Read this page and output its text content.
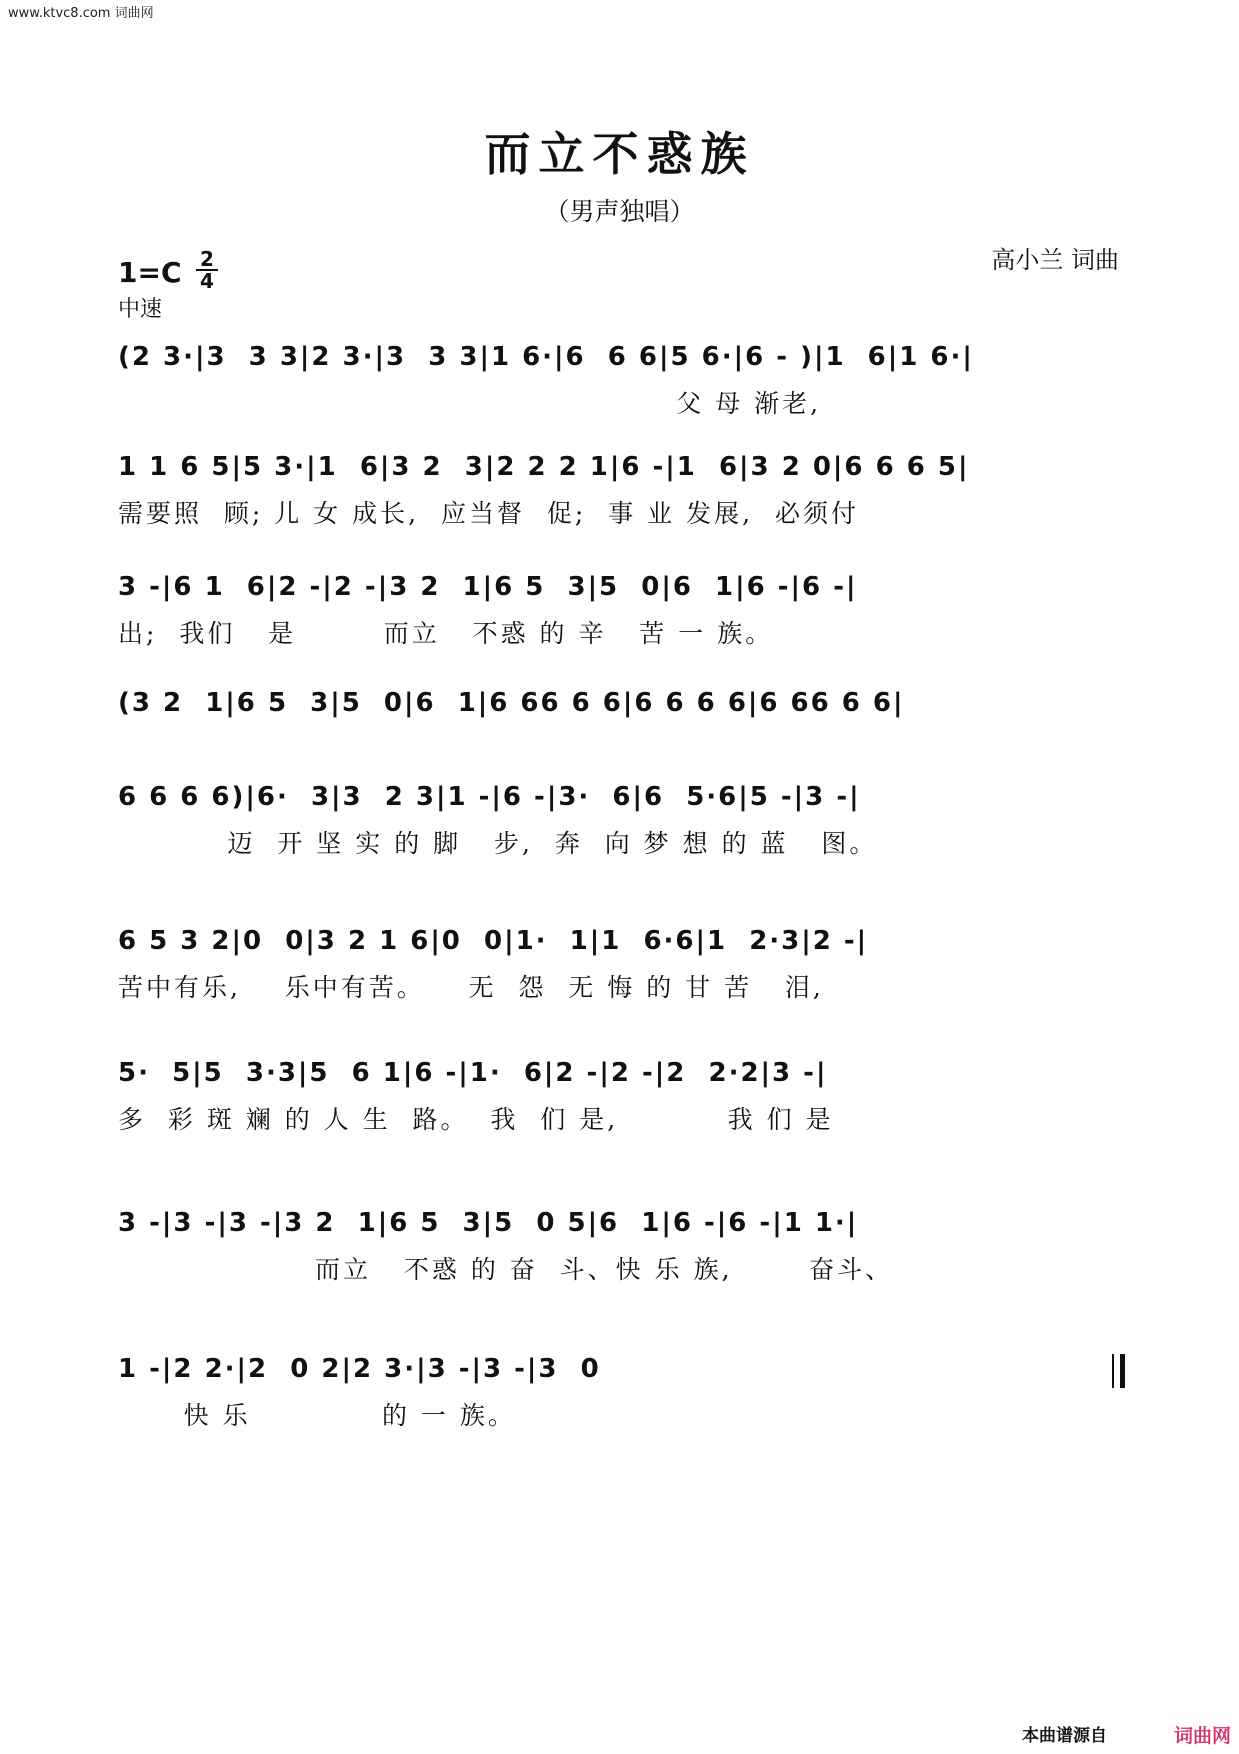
www.ktvc8.com 词曲网
而立不惑族
（男声独唱）
高小兰 词曲
1=C 2
4
中速
(2 3·|3  3 3|2 3·|3  3 3|1 6·|6  6 6|5 6·|6 - )|1  6|1 6·|
父 母 渐老,
1 1 6 5|5 3·|1  6|3 2  3|2 2 2 1|6 -|1  6|3 2 0|6 6 6 5|
需要照  顾; 儿 女 成长,  应当督  促;  事 业 发展,  必须付
3 -|6 1  6|2 -|2 -|3 2  1|6 5  3|5  0|6  1|6 -|6 -|
出;  我们   是        而立   不惑 的 辛   苦 一 族。
(3 2  1|6 5  3|5  0|6  1|6 66 6 6|6 6 6 6|6 66 6 6|
6 6 6 6)|6·  3|3  2 3|1 -|6 -|3·  6|6  5·6|5 -|3 -|
迈  开 坚 实 的 脚   步,  奔  向 梦 想 的 蓝   图。
6 5 3 2|0  0|3 2 1 6|0  0|1·  1|1  6·6|1  2·3|2 -|
苦中有乐,    乐中有苦。    无  怨  无 悔 的 甘 苦   泪,
5·  5|5  3·3|5  6 1|6 -|1·  6|2 -|2 -|2  2·2|3 -|
多  彩 斑 斓 的 人 生  路。  我  们 是,          我 们 是
3 -|3 -|3 -|3 2  1|6 5  3|5  0 5|6  1|6 -|6 -|1 1·|
而立   不惑 的 奋  斗、快 乐 族,       奋斗、
1 -|2 2·|2  0 2|2 3·|3 -|3 -|3  0
快 乐            的 一 族。
本曲谱源自	词曲网
